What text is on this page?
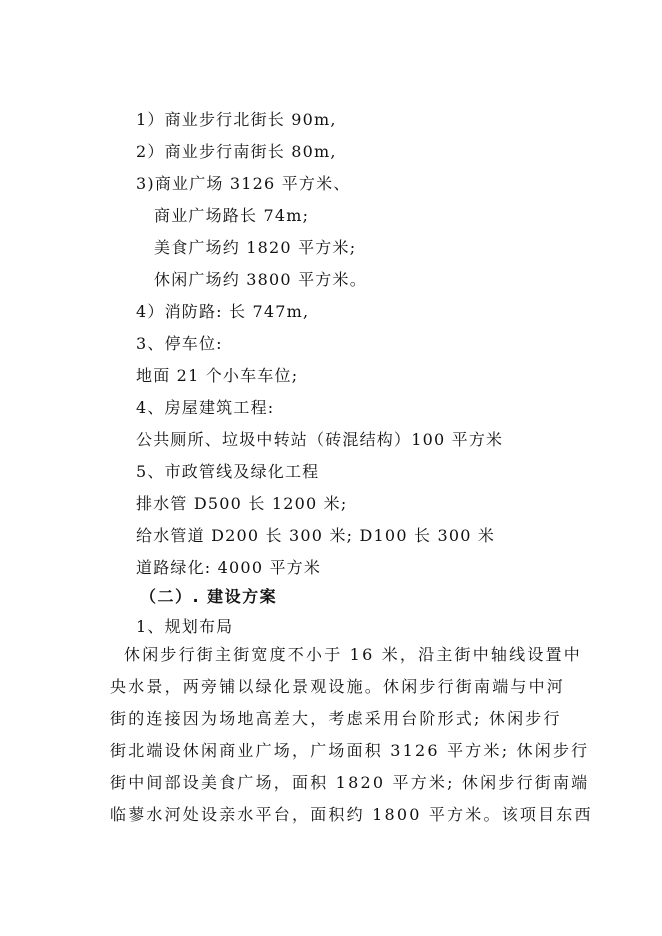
1）商业步行北街长 90m,
2）商业步行南街长 80m,
3)商业广场 3126 平方米、
商业广场路长 74m;
美食广场约 1820 平方米;
休闲广场约 3800 平方米。
4）消防路: 长 747m,
3、停车位:
地面 21 个小车车位;
4、房屋建筑工程:
公共厕所、垃圾中转站（砖混结构）100 平方米
5、市政管线及绿化工程
排水管 D500 长 1200 米;
给水管道 D200 长 300 米; D100 长 300 米
道路绿化: 4000 平方米
（二）. 建设方案
1、规划布局
休闲步行街主街宽度不小于 16 米，沿主街中轴线设置中
央水景，两旁铺以绿化景观设施。休闲步行街南端与中河
街的连接因为场地高差大，考虑采用台阶形式; 休闲步行
街北端设休闲商业广场，广场面积 3126 平方米; 休闲步行
街中间部设美食广场，面积 1820 平方米; 休闲步行街南端
临蓼水河处设亲水平台，面积约 1800 平方米。该项目东西
